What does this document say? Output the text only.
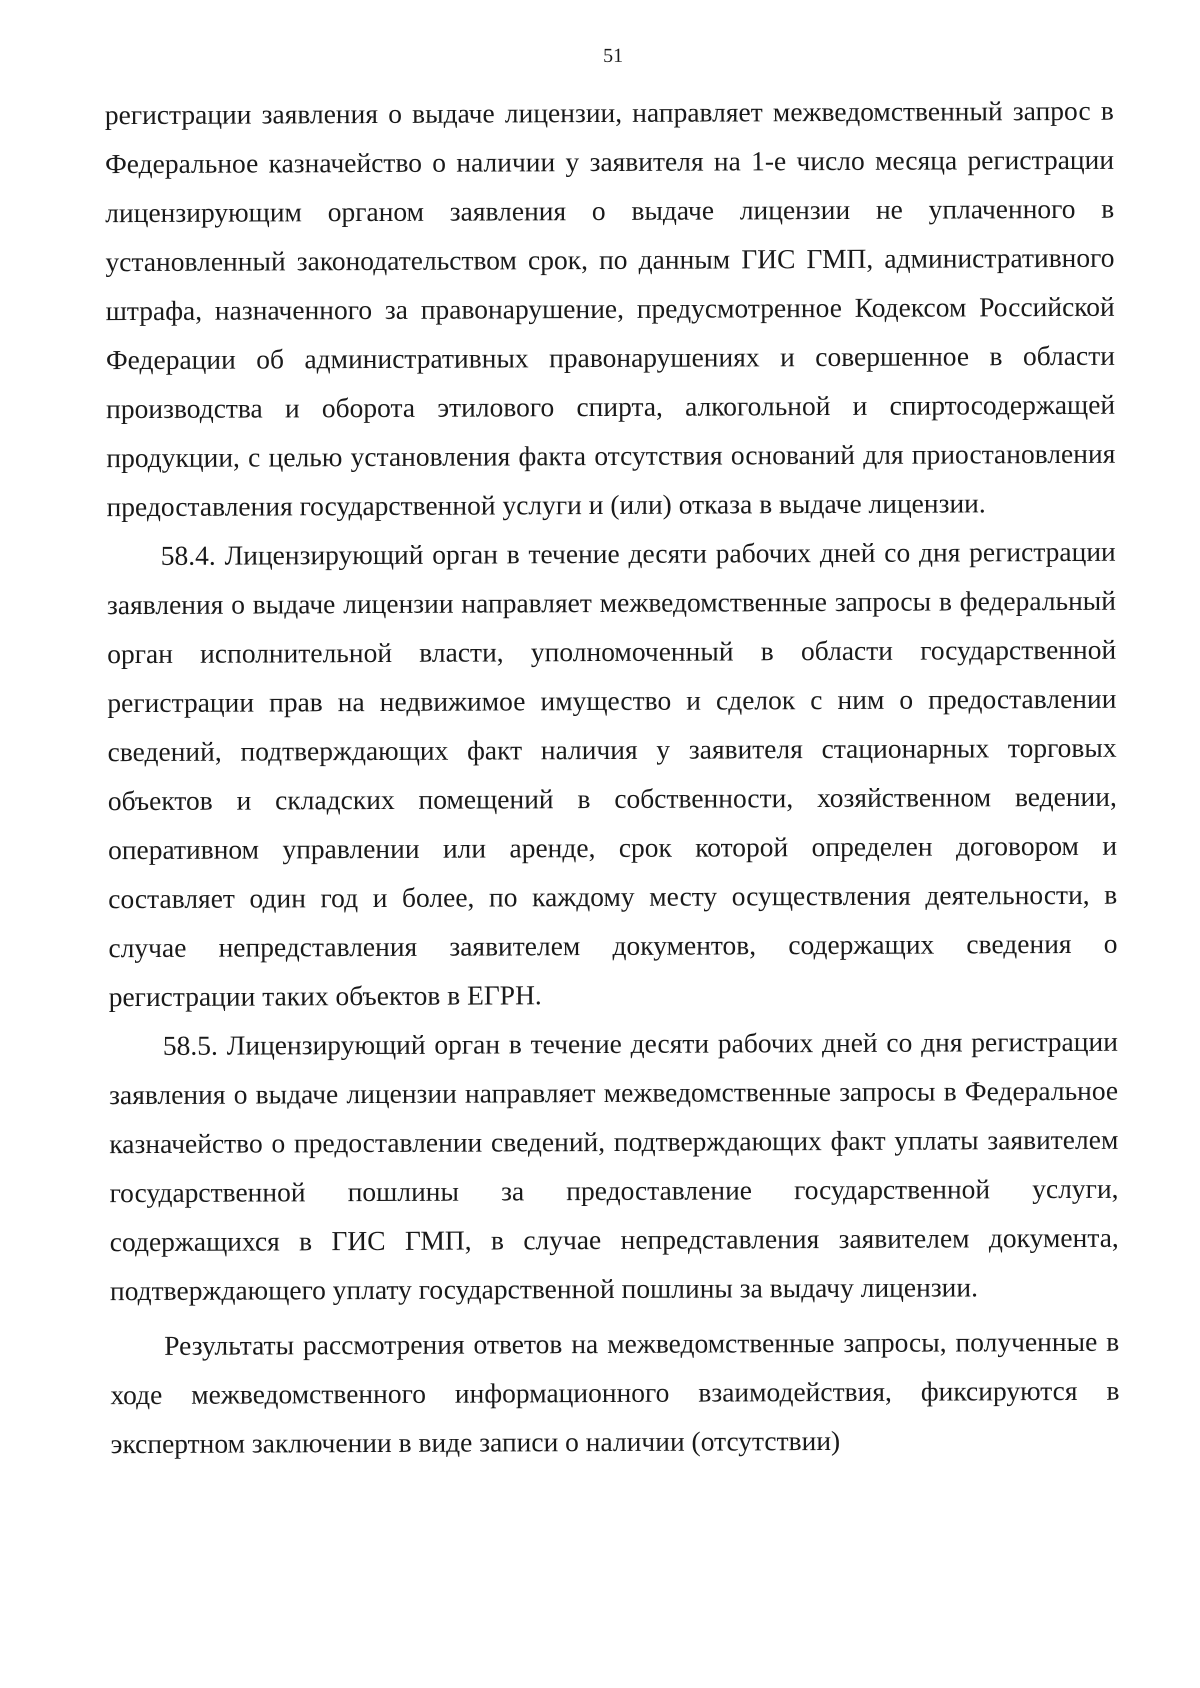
51

регистрации заявления о выдаче лицензии, направляет межведомственный запрос в Федеральное казначейство о наличии у заявителя на 1-е число месяца регистрации лицензирующим органом заявления о выдаче лицензии не уплаченного в установленный законодательством срок, по данным ГИС ГМП, административного штрафа, назначенного за правонарушение, предусмотренное Кодексом Российской Федерации об административных правонарушениях и совершенное в области производства и оборота этилового спирта, алкогольной и спиртосодержащей продукции, с целью установления факта отсутствия оснований для приостановления предоставления государственной услуги и (или) отказа в выдаче лицензии.

58.4. Лицензирующий орган в течение десяти рабочих дней со дня регистрации заявления о выдаче лицензии направляет межведомственные запросы в федеральный орган исполнительной власти, уполномоченный в области государственной регистрации прав на недвижимое имущество и сделок с ним о предоставлении сведений, подтверждающих факт наличия у заявителя стационарных торговых объектов и складских помещений в собственности, хозяйственном ведении, оперативном управлении или аренде, срок которой определен договором и составляет один год и более, по каждому месту осуществления деятельности, в случае непредставления заявителем документов, содержащих сведения о регистрации таких объектов в ЕГРН.

58.5. Лицензирующий орган в течение десяти рабочих дней со дня регистрации заявления о выдаче лицензии направляет межведомственные запросы в Федеральное казначейство о предоставлении сведений, подтверждающих факт уплаты заявителем государственной пошлины за предоставление государственной услуги, содержащихся в ГИС ГМП, в случае непредставления заявителем документа, подтверждающего уплату государственной пошлины за выдачу лицензии.

Результаты рассмотрения ответов на межведомственные запросы, полученные в ходе межведомственного информационного взаимодействия, фиксируются в экспертном заключении в виде записи о наличии (отсутствии)
